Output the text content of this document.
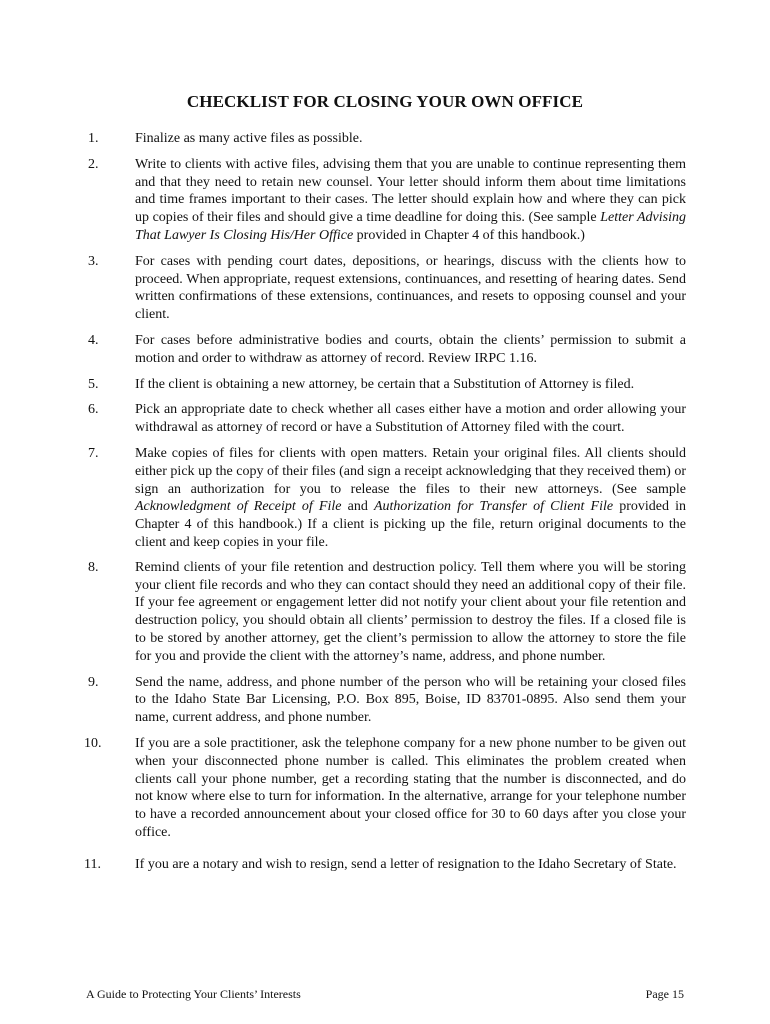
CHECKLIST FOR CLOSING YOUR OWN OFFICE
1.	Finalize as many active files as possible.
2.	Write to clients with active files, advising them that you are unable to continue representing them and that they need to retain new counsel. Your letter should inform them about time limitations and time frames important to their cases. The letter should explain how and where they can pick up copies of their files and should give a time deadline for doing this. (See sample Letter Advising That Lawyer Is Closing His/Her Office provided in Chapter 4 of this handbook.)
3.	For cases with pending court dates, depositions, or hearings, discuss with the clients how to proceed. When appropriate, request extensions, continuances, and resetting of hearing dates. Send written confirmations of these extensions, continuances, and resets to opposing counsel and your client.
4.	For cases before administrative bodies and courts, obtain the clients’ permission to submit a motion and order to withdraw as attorney of record. Review IRPC 1.16.
5.	If the client is obtaining a new attorney, be certain that a Substitution of Attorney is filed.
6.	Pick an appropriate date to check whether all cases either have a motion and order allowing your withdrawal as attorney of record or have a Substitution of Attorney filed with the court.
7.	Make copies of files for clients with open matters. Retain your original files. All clients should either pick up the copy of their files (and sign a receipt acknowledging that they received them) or sign an authorization for you to release the files to their new attorneys. (See sample Acknowledgment of Receipt of File and Authorization for Transfer of Client File provided in Chapter 4 of this handbook.) If a client is picking up the file, return original documents to the client and keep copies in your file.
8.	Remind clients of your file retention and destruction policy. Tell them where you will be storing your client file records and who they can contact should they need an additional copy of their file. If your fee agreement or engagement letter did not notify your client about your file retention and destruction policy, you should obtain all clients’ permission to destroy the files. If a closed file is to be stored by another attorney, get the client’s permission to allow the attorney to store the file for you and provide the client with the attorney’s name, address, and phone number.
9.	Send the name, address, and phone number of the person who will be retaining your closed files to the Idaho State Bar Licensing, P.O. Box 895, Boise, ID 83701-0895. Also send them your name, current address, and phone number.
10.	If you are a sole practitioner, ask the telephone company for a new phone number to be given out when your disconnected phone number is called. This eliminates the problem created when clients call your phone number, get a recording stating that the number is disconnected, and do not know where else to turn for information. In the alternative, arrange for your telephone number to have a recorded announcement about your closed office for 30 to 60 days after you close your office.
11.	If you are a notary and wish to resign, send a letter of resignation to the Idaho Secretary of State.
A Guide to Protecting Your Clients’ Interests	Page 15
